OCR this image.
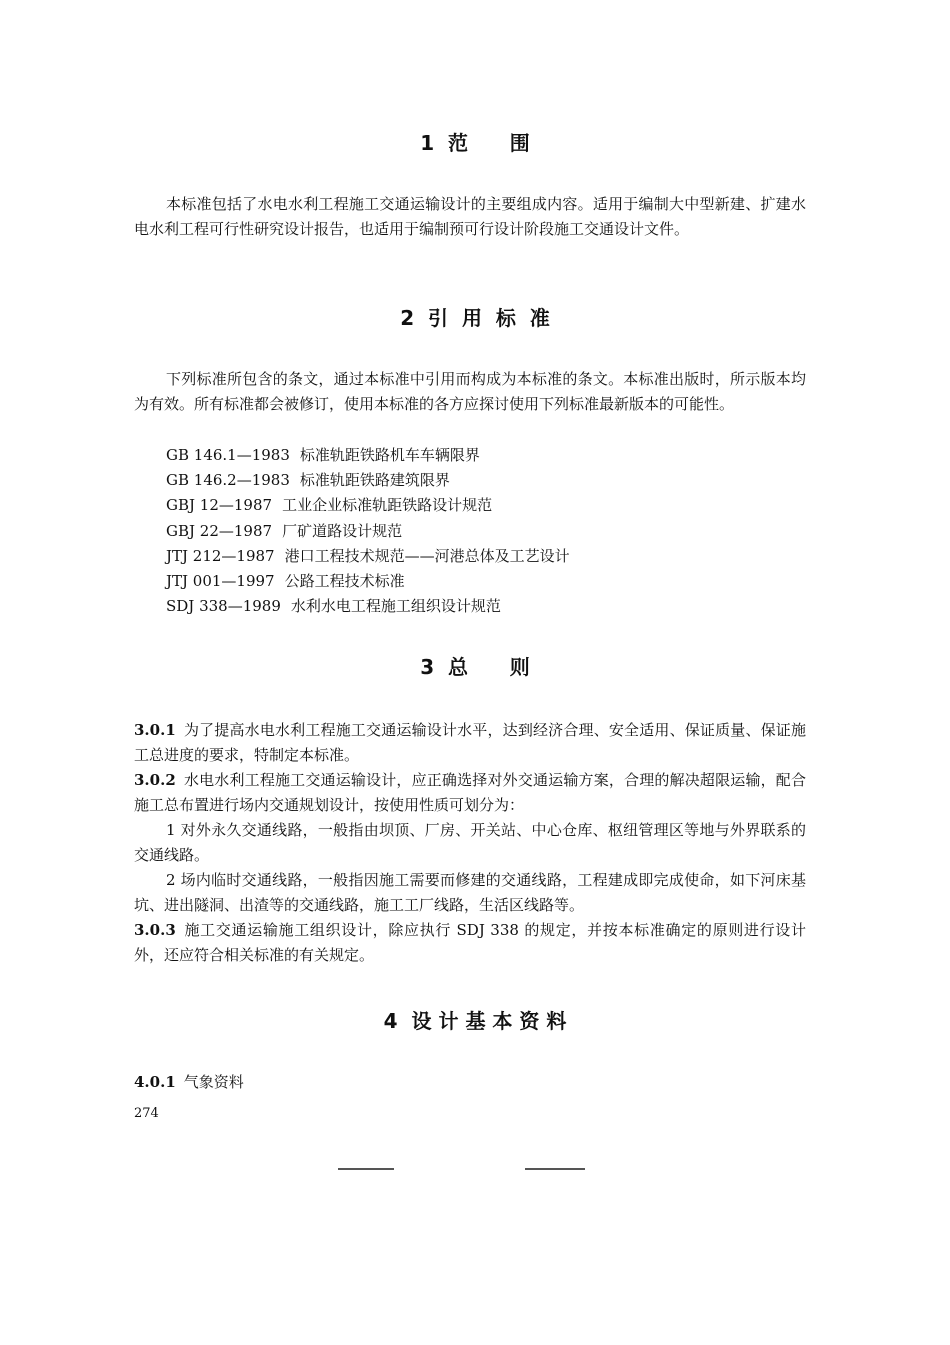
1  范      围
本标准包括了水电水利工程施工交通运输设计的主要组成内容。适用于编制大中型新建、扩建水电水利工程可行性研究设计报告，也适用于编制预可行设计阶段施工交通设计文件。
2  引  用  标  准
下列标准所包含的条文，通过本标准中引用而构成为本标准的条文。本标准出版时，所示版本均为有效。所有标准都会被修订，使用本标准的各方应探讨使用下列标准最新版本的可能性。
GB 146.1—1983 标准轨距铁路机车车辆限界
GB 146.2—1983 标准轨距铁路建筑限界
GBJ 12—1987 工业企业标准轨距铁路设计规范
GBJ 22—1987 厂矿道路设计规范
JTJ 212—1987 港口工程技术规范——河港总体及工艺设计
JTJ 001—1997 公路工程技术标准
SDJ 338—1989 水利水电工程施工组织设计规范
3  总      则
3.0.1 为了提高水电水利工程施工交通运输设计水平，达到经济合理、安全适用、保证质量、保证施工总进度的要求，特制定本标准。
3.0.2 水电水利工程施工交通运输设计，应正确选择对外交通运输方案，合理的解决超限运输，配合施工总布置进行场内交通规划设计，按使用性质可划分为：
1 对外永久交通线路，一般指由坝顶、厂房、开关站、中心仓库、枢纽管理区等地与外界联系的交通线路。
2 场内临时交通线路，一般指因施工需要而修建的交通线路，工程建成即完成使命，如下河床基坑、进出隧洞、出渣等的交通线路，施工工厂线路，生活区线路等。
3.0.3 施工交通运输施工组织设计，除应执行 SDJ 338 的规定，并按本标准确定的原则进行设计外，还应符合相关标准的有关规定。
4  设 计 基 本 资 料
4.0.1 气象资料
274
